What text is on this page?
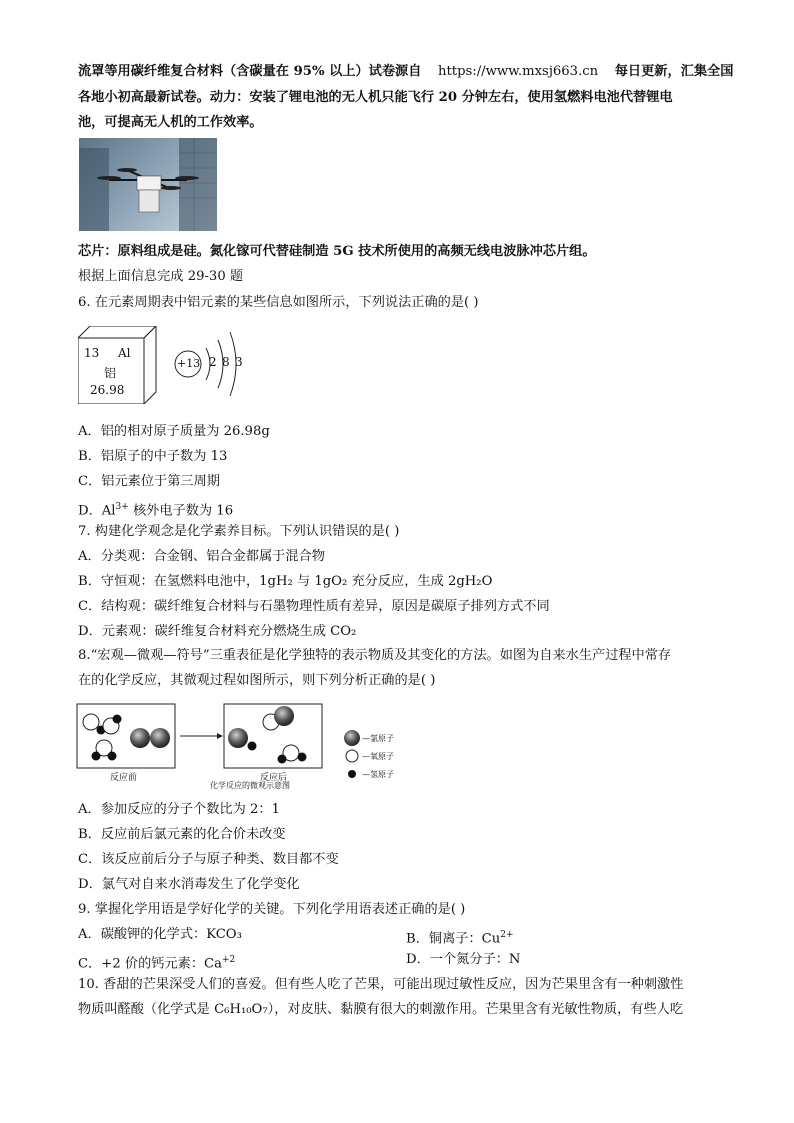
流罩等用碳纤维复合材料（含碳量在 95% 以上）试卷源自 https://www.mxsj663.cn 每日更新，汇集全国
各地小初高最新试卷。动力：安装了锂电池的无人机只能飞行 20 分钟左右，使用氢燃料电池代替锂电
池，可提高无人机的工作效率。
芯片：原料组成是硅。氮化镓可代替硅制造 5G 技术所使用的高频无线电波脉冲芯片组。
根据上面信息完成 29-30 题
6. 在元素周期表中铝元素的某些信息如图所示，下列说法正确的是( )
13 Al
铝
26.98
+13 2 8 3
A．铝的相对原子质量为 26.98g
B．铝原子的中子数为 13
C．铝元素位于第三周期
D．$Al^{3+}$ 核外电子数为 16
7. 构建化学观念是化学素养目标。下列认识错误的是( )
A．分类观：合金钢、铝合金都属于混合物
B．守恒观：在氢燃料电池中，1gH₂ 与 1gO₂ 充分反应，生成 2gH₂O
C．结构观：碳纤维复合材料与石墨物理性质有差异，原因是碳原子排列方式不同
D．元素观：碳纤维复合材料充分燃烧生成 CO₂
8.“宏观—微观—符号”三重表征是化学独特的表示物质及其变化的方法。如图为自来水生产过程中常存
在的化学反应，其微观过程如图所示，则下列分析正确的是( )
反应前	反应后
化学反应的微观示意图
—氯原子
—氧原子
—氢原子
A．参加反应的分子个数比为 2：1
B．反应前后氯元素的化合价未改变
C．该反应前后分子与原子种类、数目都不变
D．氯气对自来水消毒发生了化学变化
9. 掌握化学用语是学好化学的关键。下列化学用语表述正确的是( )
A．碳酸钾的化学式：KCO₃	B．铜离子：$Cu^{2+}$
C．+2 价的钙元素：$Ca^{+2}$	D．一个氮分子：N
10. 香甜的芒果深受人们的喜爱。但有些人吃了芒果，可能出现过敏性反应，因为芒果里含有一种刺激性
物质叫醛酸（化学式是 C₆H₁₀O₇），对皮肤、黏膜有很大的刺激作用。芒果里含有光敏性物质，有些人吃
